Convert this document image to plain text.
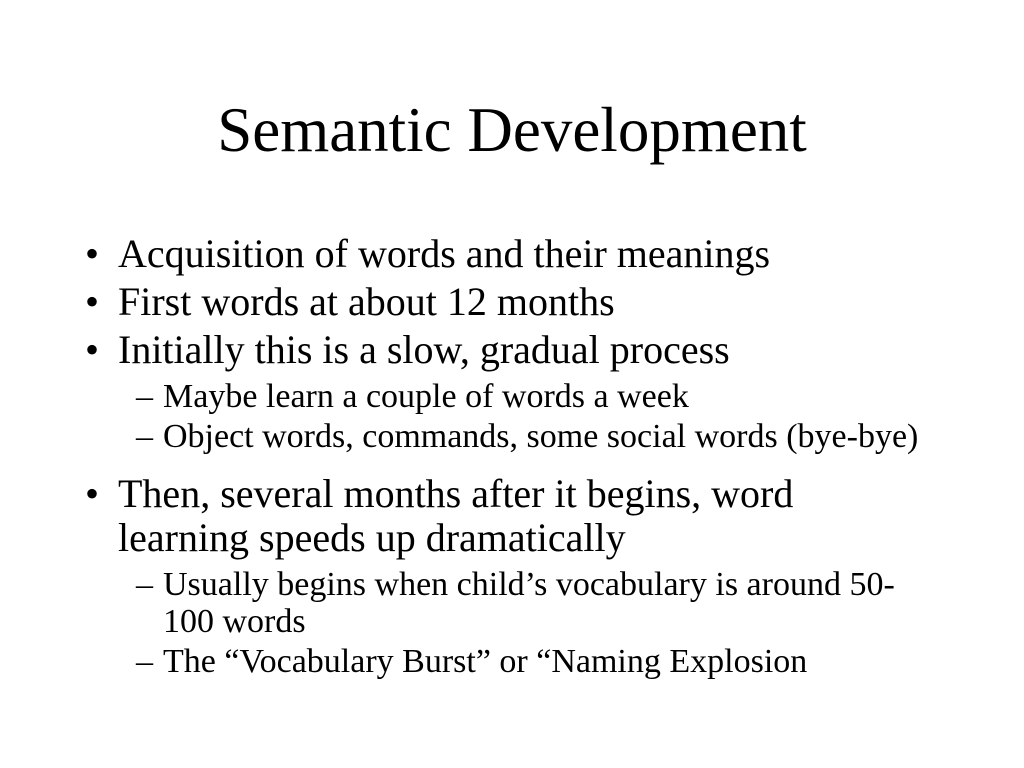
Semantic Development
• Acquisition of words and their meanings
• First words at about 12 months
• Initially this is a slow, gradual process
– Maybe learn a couple of words a week
– Object words, commands, some social words (bye-bye)
• Then, several months after it begins, word
learning speeds up dramatically
– Usually begins when child’s vocabulary is around 50-
100 words
– The “Vocabulary Burst” or “Naming Explosion
